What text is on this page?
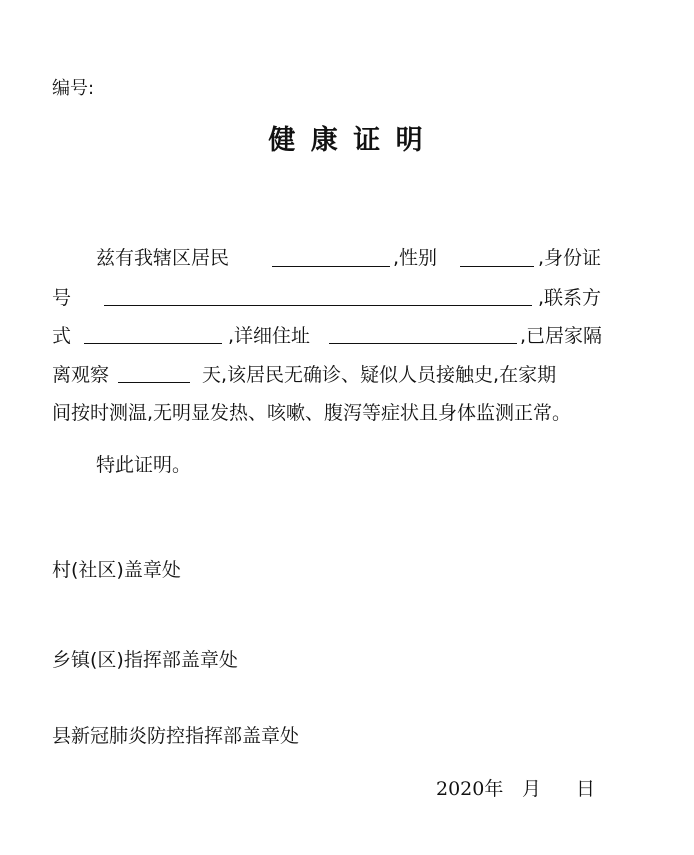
编号:
健 康 证 明
兹有我辖区居民	,性别	,身份证
号	,联系方
式	,详细住址	,已居家隔
离观察	天,该居民无确诊、疑似人员接触史,在家期
间按时测温,无明显发热、咳嗽、腹泻等症状且身体监测正常。
特此证明。
村(社区)盖章处
乡镇(区)指挥部盖章处
县新冠肺炎防控指挥部盖章处
2020年 月 日
